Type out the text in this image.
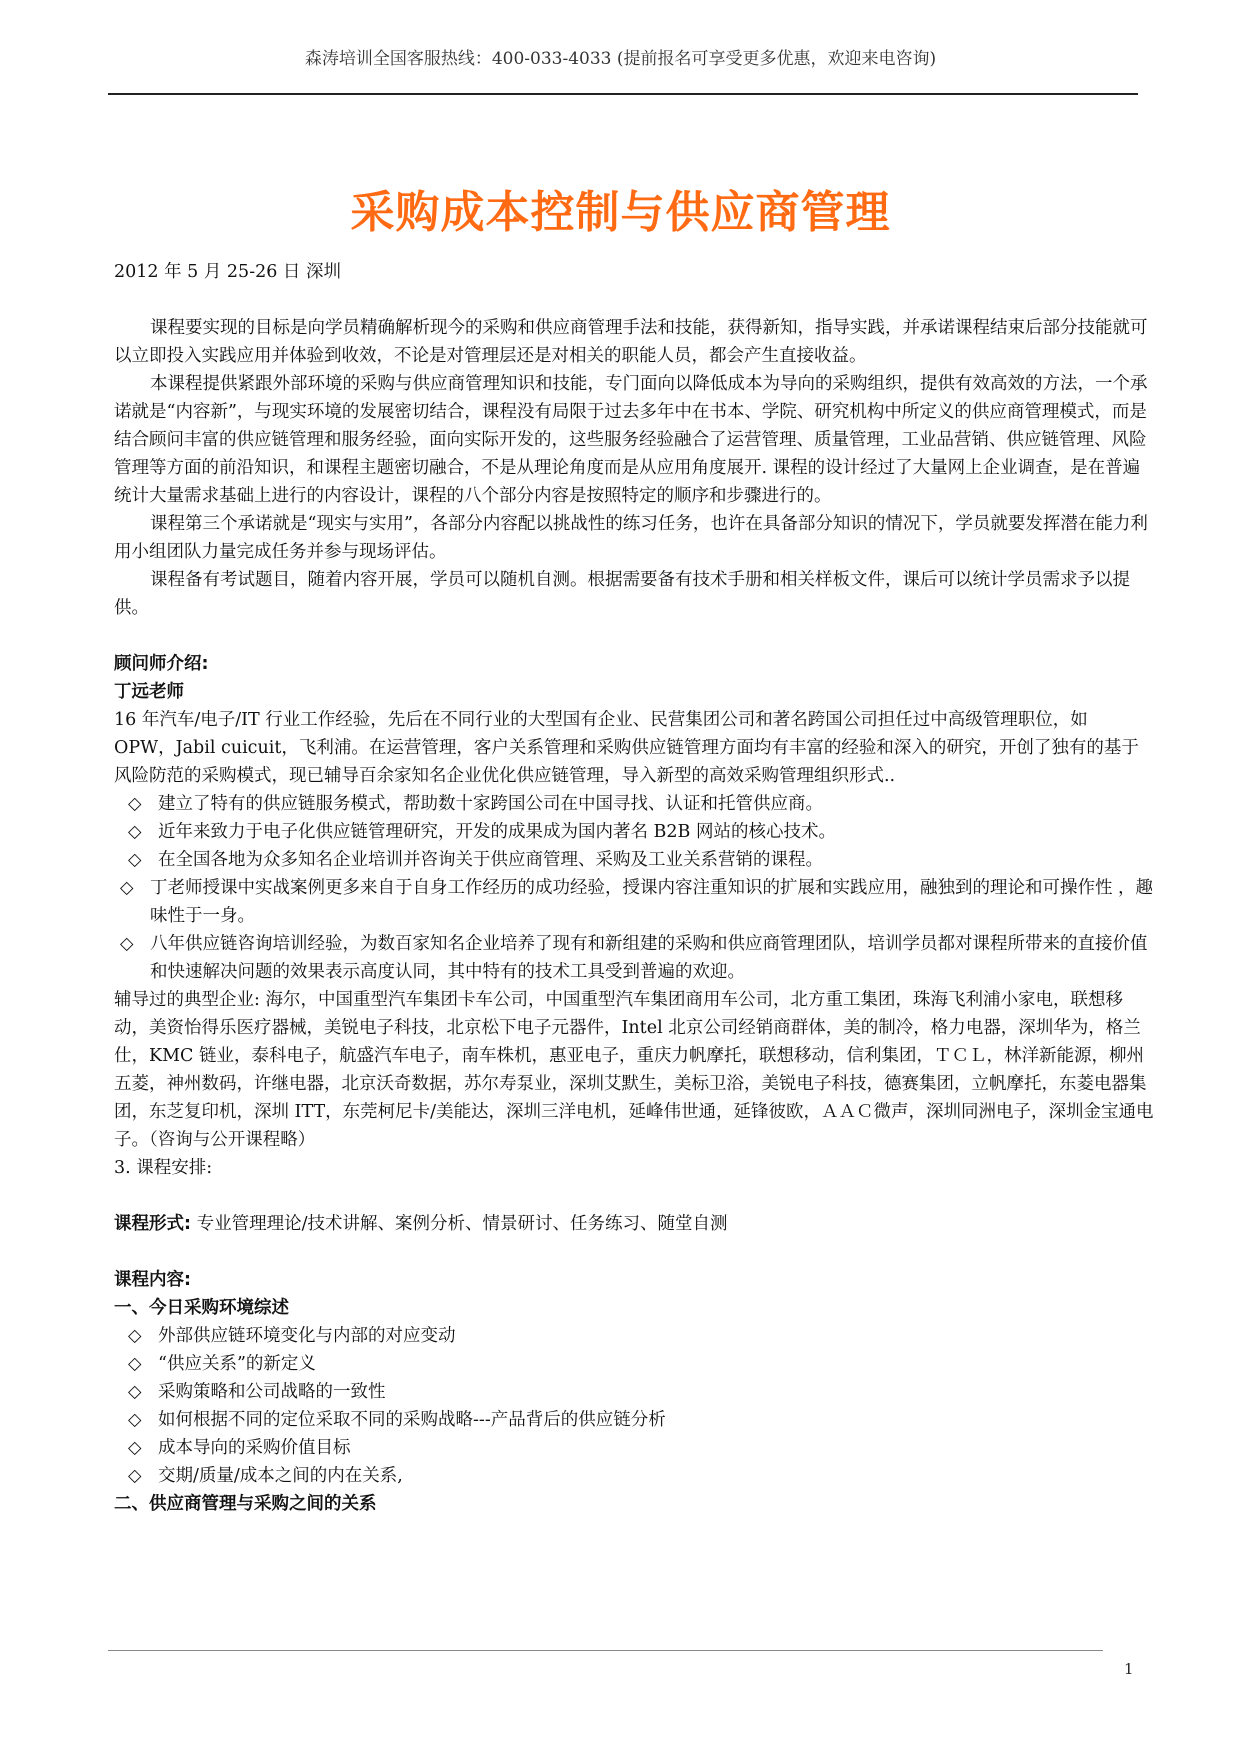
森涛培训全国客服热线：400-033-4033 (提前报名可享受更多优惠，欢迎来电咨询)
采购成本控制与供应商管理

2012 年 5 月 25-26 日 深圳

课程要实现的目标是向学员精确解析现今的采购和供应商管理手法和技能，获得新知，指导实践，并承诺课程结束后部分技能就可以立即投入实践应用并体验到收效，不论是对管理层还是对相关的职能人员，都会产生直接收益。

本课程提供紧跟外部环境的采购与供应商管理知识和技能，专门面向以降低成本为导向的采购组织，提供有效高效的方法，一个承诺就是“内容新”，与现实环境的发展密切结合，课程没有局限于过去多年中在书本、学院、研究机构中所定义的供应商管理模式，而是结合顾问丰富的供应链管理和服务经验，面向实际开发的，这些服务经验融合了运营管理、质量管理，工业品营销、供应链管理、风险管理等方面的前沿知识，和课程主题密切融合，不是从理论角度而是从应用角度展开. 课程的设计经过了大量网上企业调查，是在普遍统计大量需求基础上进行的内容设计，课程的八个部分内容是按照特定的顺序和步骤进行的。

课程第三个承诺就是“现实与实用”，各部分内容配以挑战性的练习任务，也许在具备部分知识的情况下，学员就要发挥潜在能力利用小组团队力量完成任务并参与现场评估。

课程备有考试题目，随着内容开展，学员可以随机自测。根据需要备有技术手册和相关样板文件，课后可以统计学员需求予以提供。

顾问师介绍:

丁远老师

16 年汽车/电子/IT 行业工作经验，先后在不同行业的大型国有企业、民营集团公司和著名跨国公司担任过中高级管理职位，如 OPW，Jabil cuicuit，飞利浦。在运营管理，客户关系管理和采购供应链管理方面均有丰富的经验和深入的研究，开创了独有的基于风险防范的采购模式，现已辅导百余家知名企业优化供应链管理，导入新型的高效采购管理组织形式..

◇ 建立了特有的供应链服务模式，帮助数十家跨国公司在中国寻找、认证和托管供应商。
◇ 近年来致力于电子化供应链管理研究，开发的成果成为国内著名 B2B 网站的核心技术。
◇ 在全国各地为众多知名企业培训并咨询关于供应商管理、采购及工业关系营销的课程。
◇ 丁老师授课中实战案例更多来自于自身工作经历的成功经验，授课内容注重知识的扩展和实践应用，融独到的理论和可操作性 ，趣味性于一身。
◇ 八年供应链咨询培训经验，为数百家知名企业培养了现有和新组建的采购和供应商管理团队，培训学员都对课程所带来的直接价值和快速解决问题的效果表示高度认同，其中特有的技术工具受到普遍的欢迎。

辅导过的典型企业: 海尔，中国重型汽车集团卡车公司，中国重型汽车集团商用车公司，北方重工集团，珠海飞利浦小家电，联想移动，美资怡得乐医疗器械，美锐电子科技，北京松下电子元器件，Intel 北京公司经销商群体，美的制冷，格力电器，深圳华为，格兰仕，KMC 链业，泰科电子，航盛汽车电子，南车株机，惠亚电子，重庆力帆摩托，联想移动，信利集团，ＴＣＬ，林洋新能源，柳州五菱，神州数码，许继电器，北京沃奇数据，苏尔寿泵业，深圳艾默生，美标卫浴，美锐电子科技，德赛集团，立帆摩托，东菱电器集团，东芝复印机，深圳 ITT，东莞柯尼卡/美能达，深圳三洋电机，延峰伟世通，延锋彼欧，ＡＡＣ微声，深圳同洲电子，深圳金宝通电子。（咨询与公开课程略）

3. 课程安排:

课程形式: 专业管理理论/技术讲解、案例分析、情景研讨、任务练习、随堂自测

课程内容:

一、今日采购环境综述

◇ 外部供应链环境变化与内部的对应变动
◇ “供应关系”的新定义
◇ 采购策略和公司战略的一致性
◇ 如何根据不同的定位采取不同的采购战略---产品背后的供应链分析
◇ 成本导向的采购价值目标
◇ 交期/质量/成本之间的内在关系,

二、供应商管理与采购之间的关系

1
